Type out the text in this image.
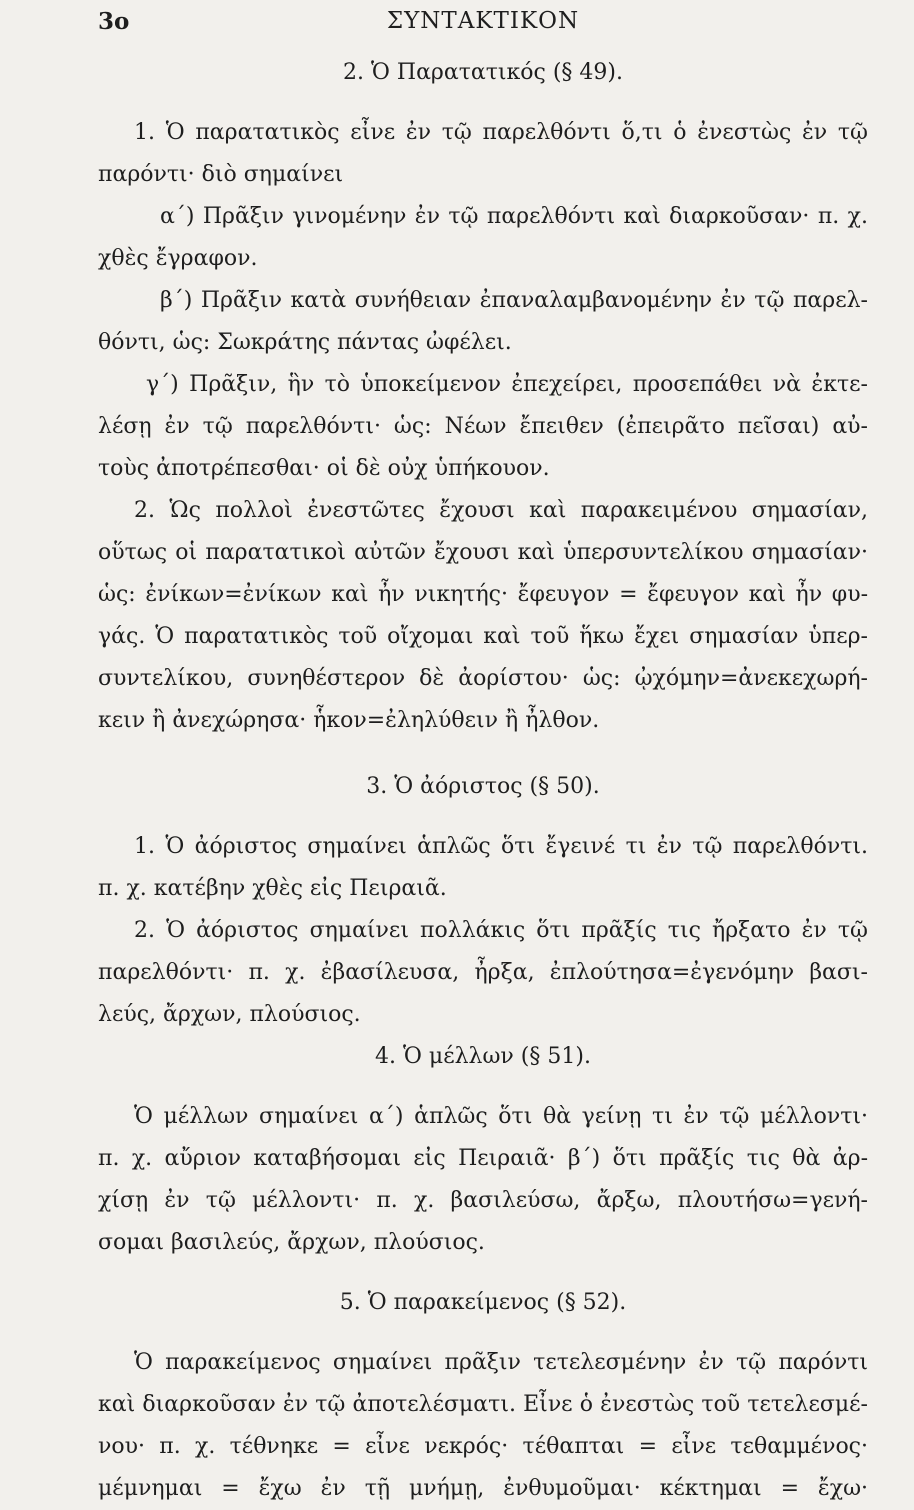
3o	ΣΥΝΤΑΚΤΙΚΟΝ
2. Ὁ Παρατατικός (§ 49).
1. Ὁ παρατατικὸς εἶνε ἐν τῷ παρελθόντι ὅ,τι ὁ ἐνεστὼς ἐν τῷ
παρόντι· διὸ σημαίνει
α΄) Πρᾶξιν γινομένην ἐν τῷ παρελθόντι καὶ διαρκοῦσαν· π. χ.
χθὲς ἔγραφον.
β΄) Πρᾶξιν κατὰ συνήθειαν ἐπαναλαμβανομένην ἐν τῷ παρελ-
θόντι, ὡς: Σωκράτης πάντας ὠφέλει.
γ΄) Πρᾶξιν, ἣν τὸ ὑποκείμενον ἐπεχείρει, προσεπάθει νὰ ἐκτε-
λέσῃ ἐν τῷ παρελθόντι· ὡς: Νέων ἔπειθεν (ἐπειρᾶτο πεῖσαι) αὐ-
τοὺς ἀποτρέπεσθαι· οἱ δὲ οὐχ ὑπήκουον.
2. Ὡς πολλοὶ ἐνεστῶτες ἔχουσι καὶ παρακειμένου σημασίαν,
οὕτως οἱ παρατατικοὶ αὐτῶν ἔχουσι καὶ ὑπερσυντελίκου σημασίαν·
ὡς: ἐνίκων=ἐνίκων καὶ ἦν νικητής· ἔφευγον = ἔφευγον καὶ ἦν φυ-
γάς. Ὁ παρατατικὸς τοῦ οἴχομαι καὶ τοῦ ἥκω ἔχει σημασίαν ὑπερ-
συντελίκου, συνηθέστερον δὲ ἀορίστου· ὡς: ᾠχόμην=ἀνεκεχωρή-
κειν ἢ ἀνεχώρησα· ἧκον=ἐληλύθειν ἢ ἦλθον.
3. Ὁ ἀόριστος (§ 50).
1. Ὁ ἀόριστος σημαίνει ἁπλῶς ὅτι ἔγεινέ τι ἐν τῷ παρελθόντι.
π. χ. κατέβην χθὲς εἰς Πειραιᾶ.
2. Ὁ ἀόριστος σημαίνει πολλάκις ὅτι πρᾶξίς τις ἤρξατο ἐν τῷ
παρελθόντι· π. χ. ἐβασίλευσα, ἦρξα, ἐπλούτησα=ἐγενόμην βασι-
λεύς, ἄρχων, πλούσιος.
4. Ὁ μέλλων (§ 51).
Ὁ μέλλων σημαίνει α΄) ἁπλῶς ὅτι θὰ γείνῃ τι ἐν τῷ μέλλοντι·
π. χ. αὔριον καταβήσομαι εἰς Πειραιᾶ· β΄) ὅτι πρᾶξίς τις θὰ ἀρ-
χίσῃ ἐν τῷ μέλλοντι· π. χ. βασιλεύσω, ἄρξω, πλουτήσω=γενή-
σομαι βασιλεύς, ἄρχων, πλούσιος.
5. Ὁ παρακείμενος (§ 52).
Ὁ παρακείμενος σημαίνει πρᾶξιν τετελεσμένην ἐν τῷ παρόντι
καὶ διαρκοῦσαν ἐν τῷ ἀποτελέσματι. Εἶνε ὁ ἐνεστὼς τοῦ τετελεσμέ-
νου· π. χ. τέθνηκε = εἶνε νεκρός· τέθαπται = εἶνε τεθαμμένος·
μέμνημαι = ἔχω ἐν τῇ μνήμῃ, ἐνθυμοῦμαι· κέκτημαι = ἔχω·
